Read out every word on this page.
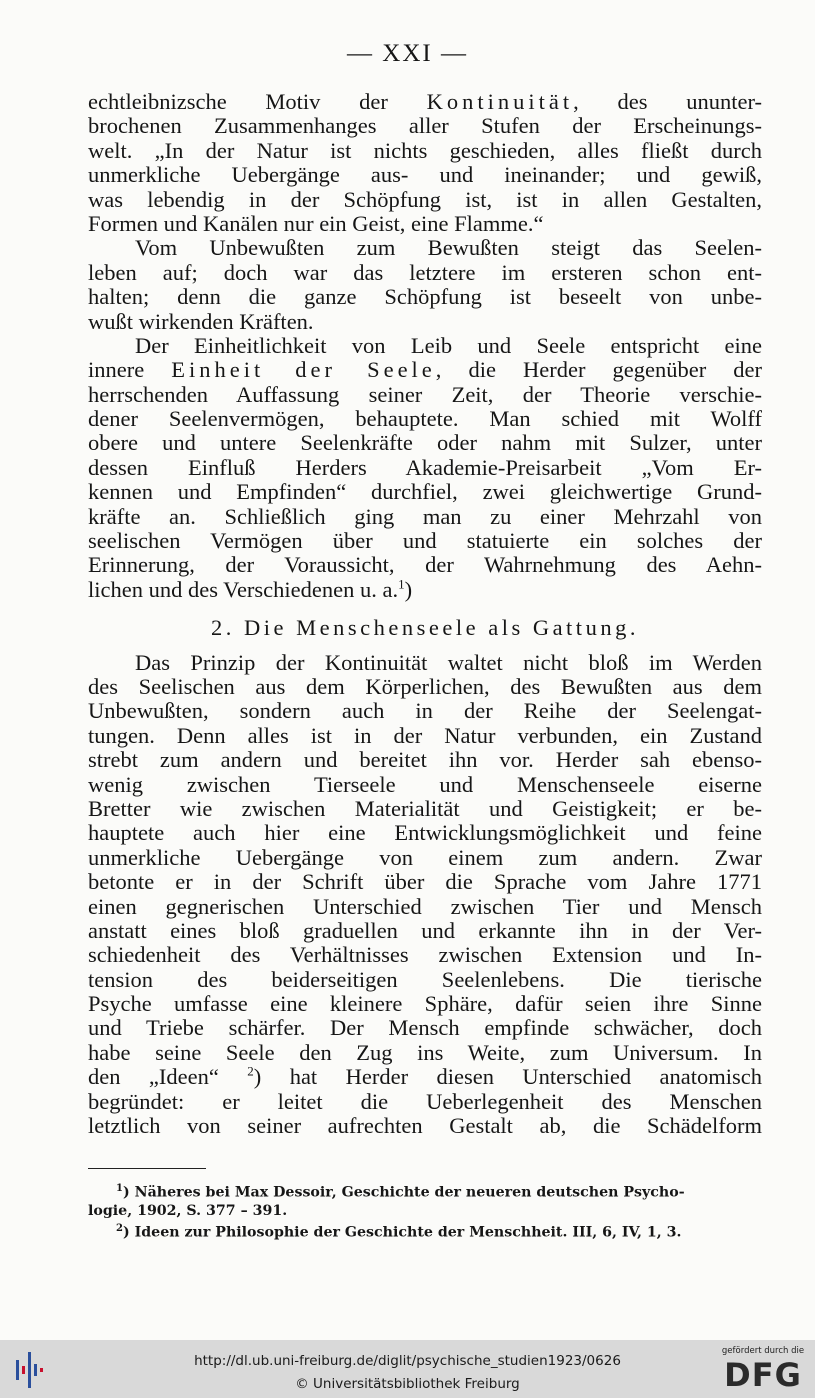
— XXI —
echtleibnizsche Motiv der Kontinuität, des ununter-
brochenen Zusammenhanges aller Stufen der Erscheinungs-
welt. „In der Natur ist nichts geschieden, alles fließt durch
unmerkliche Uebergänge aus- und ineinander; und gewiß,
was lebendig in der Schöpfung ist, ist in allen Gestalten,
Formen und Kanälen nur ein Geist, eine Flamme.“
Vom Unbewußten zum Bewußten steigt das Seelen-
leben auf; doch war das letztere im ersteren schon ent-
halten; denn die ganze Schöpfung ist beseelt von unbe-
wußt wirkenden Kräften.
Der Einheitlichkeit von Leib und Seele entspricht eine
innere Einheit der Seele, die Herder gegenüber der
herrschenden Auffassung seiner Zeit, der Theorie verschie-
dener Seelenvermögen, behauptete. Man schied mit Wolff
obere und untere Seelenkräfte oder nahm mit Sulzer, unter
dessen Einfluß Herders Akademie-Preisarbeit „Vom Er-
kennen und Empfinden“ durchfiel, zwei gleichwertige Grund-
kräfte an. Schließlich ging man zu einer Mehrzahl von
seelischen Vermögen über und statuierte ein solches der
Erinnerung, der Voraussicht, der Wahrnehmung des Aehn-
lichen und des Verschiedenen u. a.$^1$)
2. Die Menschenseele als Gattung.
Das Prinzip der Kontinuität waltet nicht bloß im Werden
des Seelischen aus dem Körperlichen, des Bewußten aus dem
Unbewußten, sondern auch in der Reihe der Seelengat-
tungen. Denn alles ist in der Natur verbunden, ein Zustand
strebt zum andern und bereitet ihn vor. Herder sah ebenso-
wenig zwischen Tierseele und Menschenseele eiserne
Bretter wie zwischen Materialität und Geistigkeit; er be-
hauptete auch hier eine Entwicklungsmöglichkeit und feine
unmerkliche Uebergänge von einem zum andern. Zwar
betonte er in der Schrift über die Sprache vom Jahre 1771
einen gegnerischen Unterschied zwischen Tier und Mensch
anstatt eines bloß graduellen und erkannte ihn in der Ver-
schiedenheit des Verhältnisses zwischen Extension und In-
tension des beiderseitigen Seelenlebens. Die tierische
Psyche umfasse eine kleinere Sphäre, dafür seien ihre Sinne
und Triebe schärfer. Der Mensch empfinde schwächer, doch
habe seine Seele den Zug ins Weite, zum Universum. In
den „Ideen“ $^2$) hat Herder diesen Unterschied anatomisch
begründet: er leitet die Ueberlegenheit des Menschen
letztlich von seiner aufrechten Gestalt ab, die Schädelform
$^1$) Näheres bei Max Dessoir, Geschichte der neueren deutschen Psycho-
logie, 1902, S. 377 – 391.
$^2$) Ideen zur Philosophie der Geschichte der Menschheit. III, 6, IV, 1, 3.
http://dl.ub.uni-freiburg.de/diglit/psychische_studien1923/0626
© Universitätsbibliothek Freiburg
gefördert durch die
DFG
